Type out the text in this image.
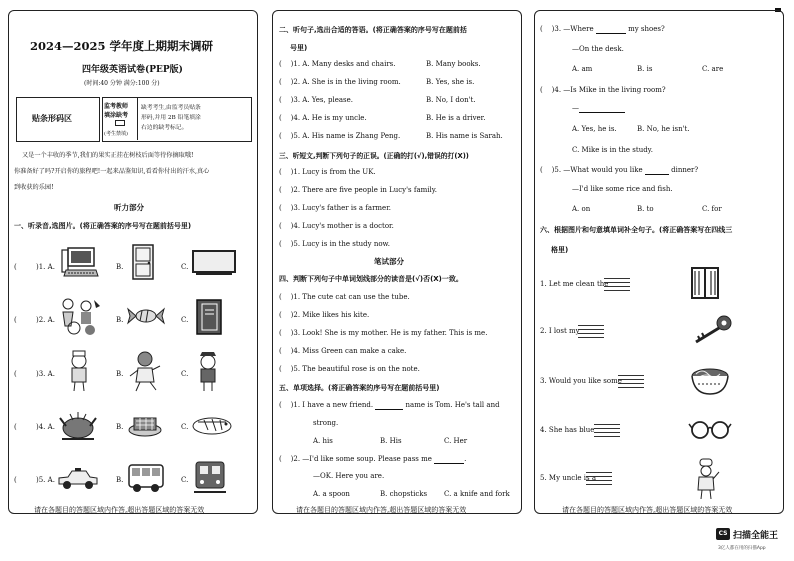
2024—2025 学年度上期期末调研
四年级英语试卷(PEP版)
(时间:40 分钟 满分:100 分)
贴条形码区
监考教师
填涂缺考
(考生禁填)
缺考考生,由监考员贴条
形码,并用 2B 铅笔填涂
右边的缺考标记。
又是一个丰收的季节,我们的果实正挂在树枝后面等待你摘取哦!
你准备好了吗?开启你的旅程吧!一起来品鉴知识,看看你付出的汗水,真心
到收获的乐园!
听力部分
一、听录音,选图片。(将正确答案的序号写在题前括号里)
(	)1. A.	B.	C.
(	)2. A.	B.	C.
(	)3. A.	B.	C.
(	)4. A.	B.	C.
(	)5. A.	B.	C.
请在各题目的答题区域内作答,超出答题区域的答案无效
二、听句子,选出合适的答语。(将正确答案的序号写在题前括
号里)
(    )1. A. Many desks and chairs.	B. Many books.
(    )2. A. She is in the living room.	B. Yes, she is.
(    )3. A. Yes, please.	B. No, I don't.
(    )4. A. He is my uncle.	B. He is a driver.
(    )5. A. His name is Zhang Peng.	B. His name is Sarah.
三、听短文,判断下列句子的正误。(正确的打(√),错误的打(X))
(    )1. Lucy is from the UK.
(    )2. There are five people in Lucy's family.
(    )3. Lucy's father is a farmer.
(    )4. Lucy's mother is a doctor.
(    )5. Lucy is in the study now.
笔试部分
四、判断下列句子中单词划线部分的读音是(√)否(X)一致。
(    )1. The cute cat can use the tube.
(    )2. Mike likes his kite.
(    )3. Look! She is my mother. He is my father. This is me.
(    )4. Miss Green can make a cake.
(    )5. The beautiful rose is on the note.
五、单项选择。(将正确答案的序号写在题前括号里)
(    )1. I have a new friend.	name is Tom. He's tall and
strong.
A. his	B. His	C. Her
(    )2. —I'd like some soup. Please pass me	.
—OK. Here you are.
A. a spoon	B. chopsticks C. a knife and fork
请在各题目的答题区域内作答,超出答题区域的答案无效
(    )3. —Where	my shoes?
—On the desk.
A. am	B. is	C. are
(    )4. —Is Mike in the living room?
—
A. Yes, he is.	B. No, he isn't.
C. Mike is in the study.
(    )5. —What would you like	dinner?
—I'd like some rice and fish.
A. on	B. to	C. for
六、根据图片和句意填单词补全句子。(将正确答案写在四线三
格里)
1. Let me clean the
2. I lost my
3. Would you like some
4. She has blue
5. My uncle is a
请在各题目的答题区域内作答,超出答题区域的答案无效
CS 扫描全能王
3亿人都在用的扫描App
